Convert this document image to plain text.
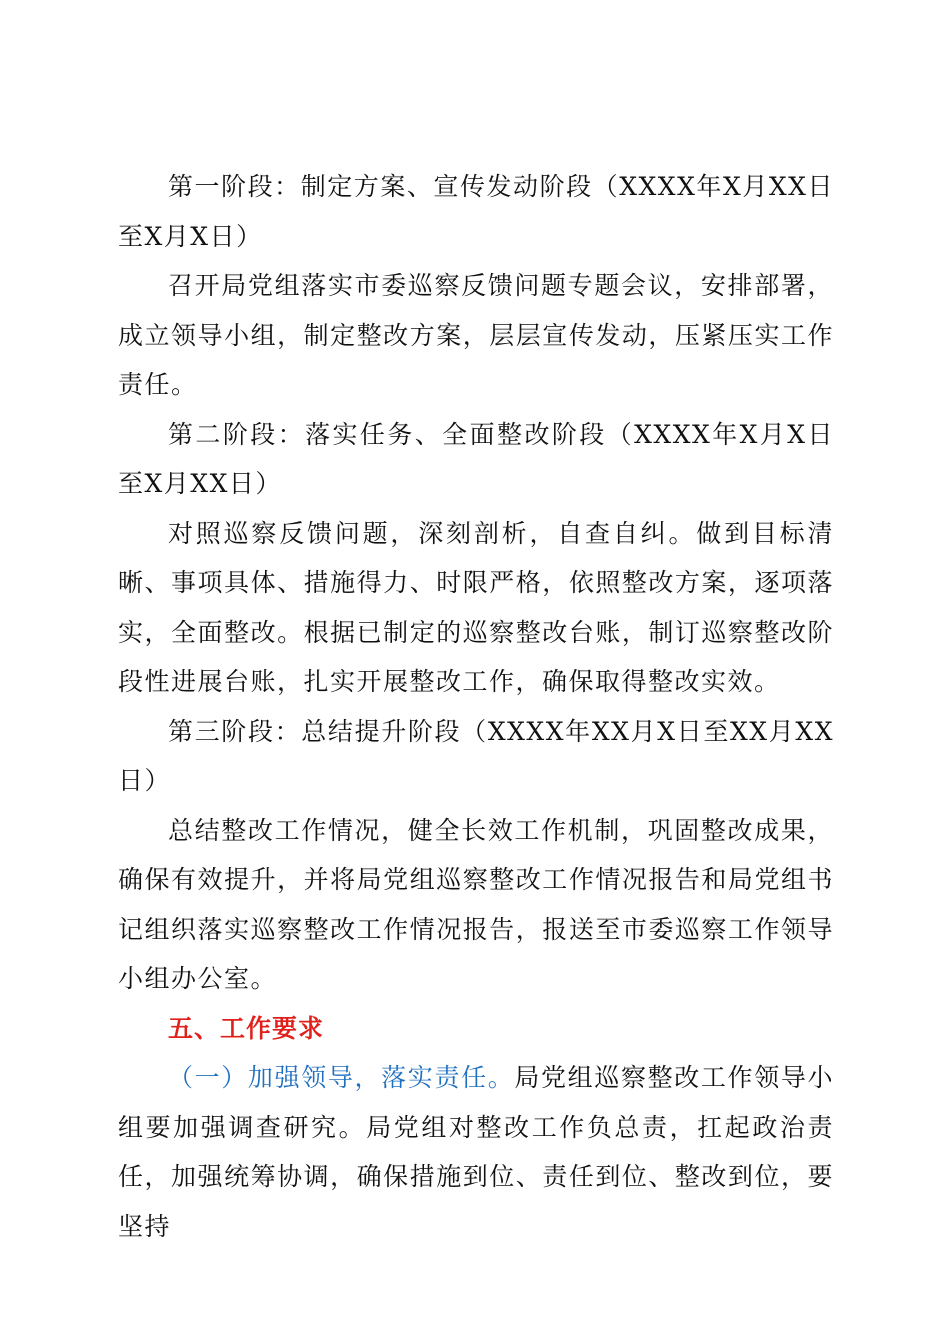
第一阶段：制定方案、宣传发动阶段（XXXX年X月XX日至X月X日）

召开局党组落实市委巡察反馈问题专题会议，安排部署，成立领导小组，制定整改方案，层层宣传发动，压紧压实工作责任。

第二阶段：落实任务、全面整改阶段（XXXX年X月X日至X月XX日）

对照巡察反馈问题，深刻剖析，自查自纠。做到目标清晰、事项具体、措施得力、时限严格，依照整改方案，逐项落实，全面整改。根据已制定的巡察整改台账，制订巡察整改阶段性进展台账，扎实开展整改工作，确保取得整改实效。

第三阶段：总结提升阶段（XXXX年XX月X日至XX月XX日）

总结整改工作情况，健全长效工作机制，巩固整改成果，确保有效提升，并将局党组巡察整改工作情况报告和局党组书记组织落实巡察整改工作情况报告，报送至市委巡察工作领导小组办公室。

五、工作要求

（一）加强领导，落实责任。局党组巡察整改工作领导小组要加强调查研究。局党组对整改工作负总责，扛起政治责任，加强统筹协调，确保措施到位、责任到位、整改到位，要坚持
